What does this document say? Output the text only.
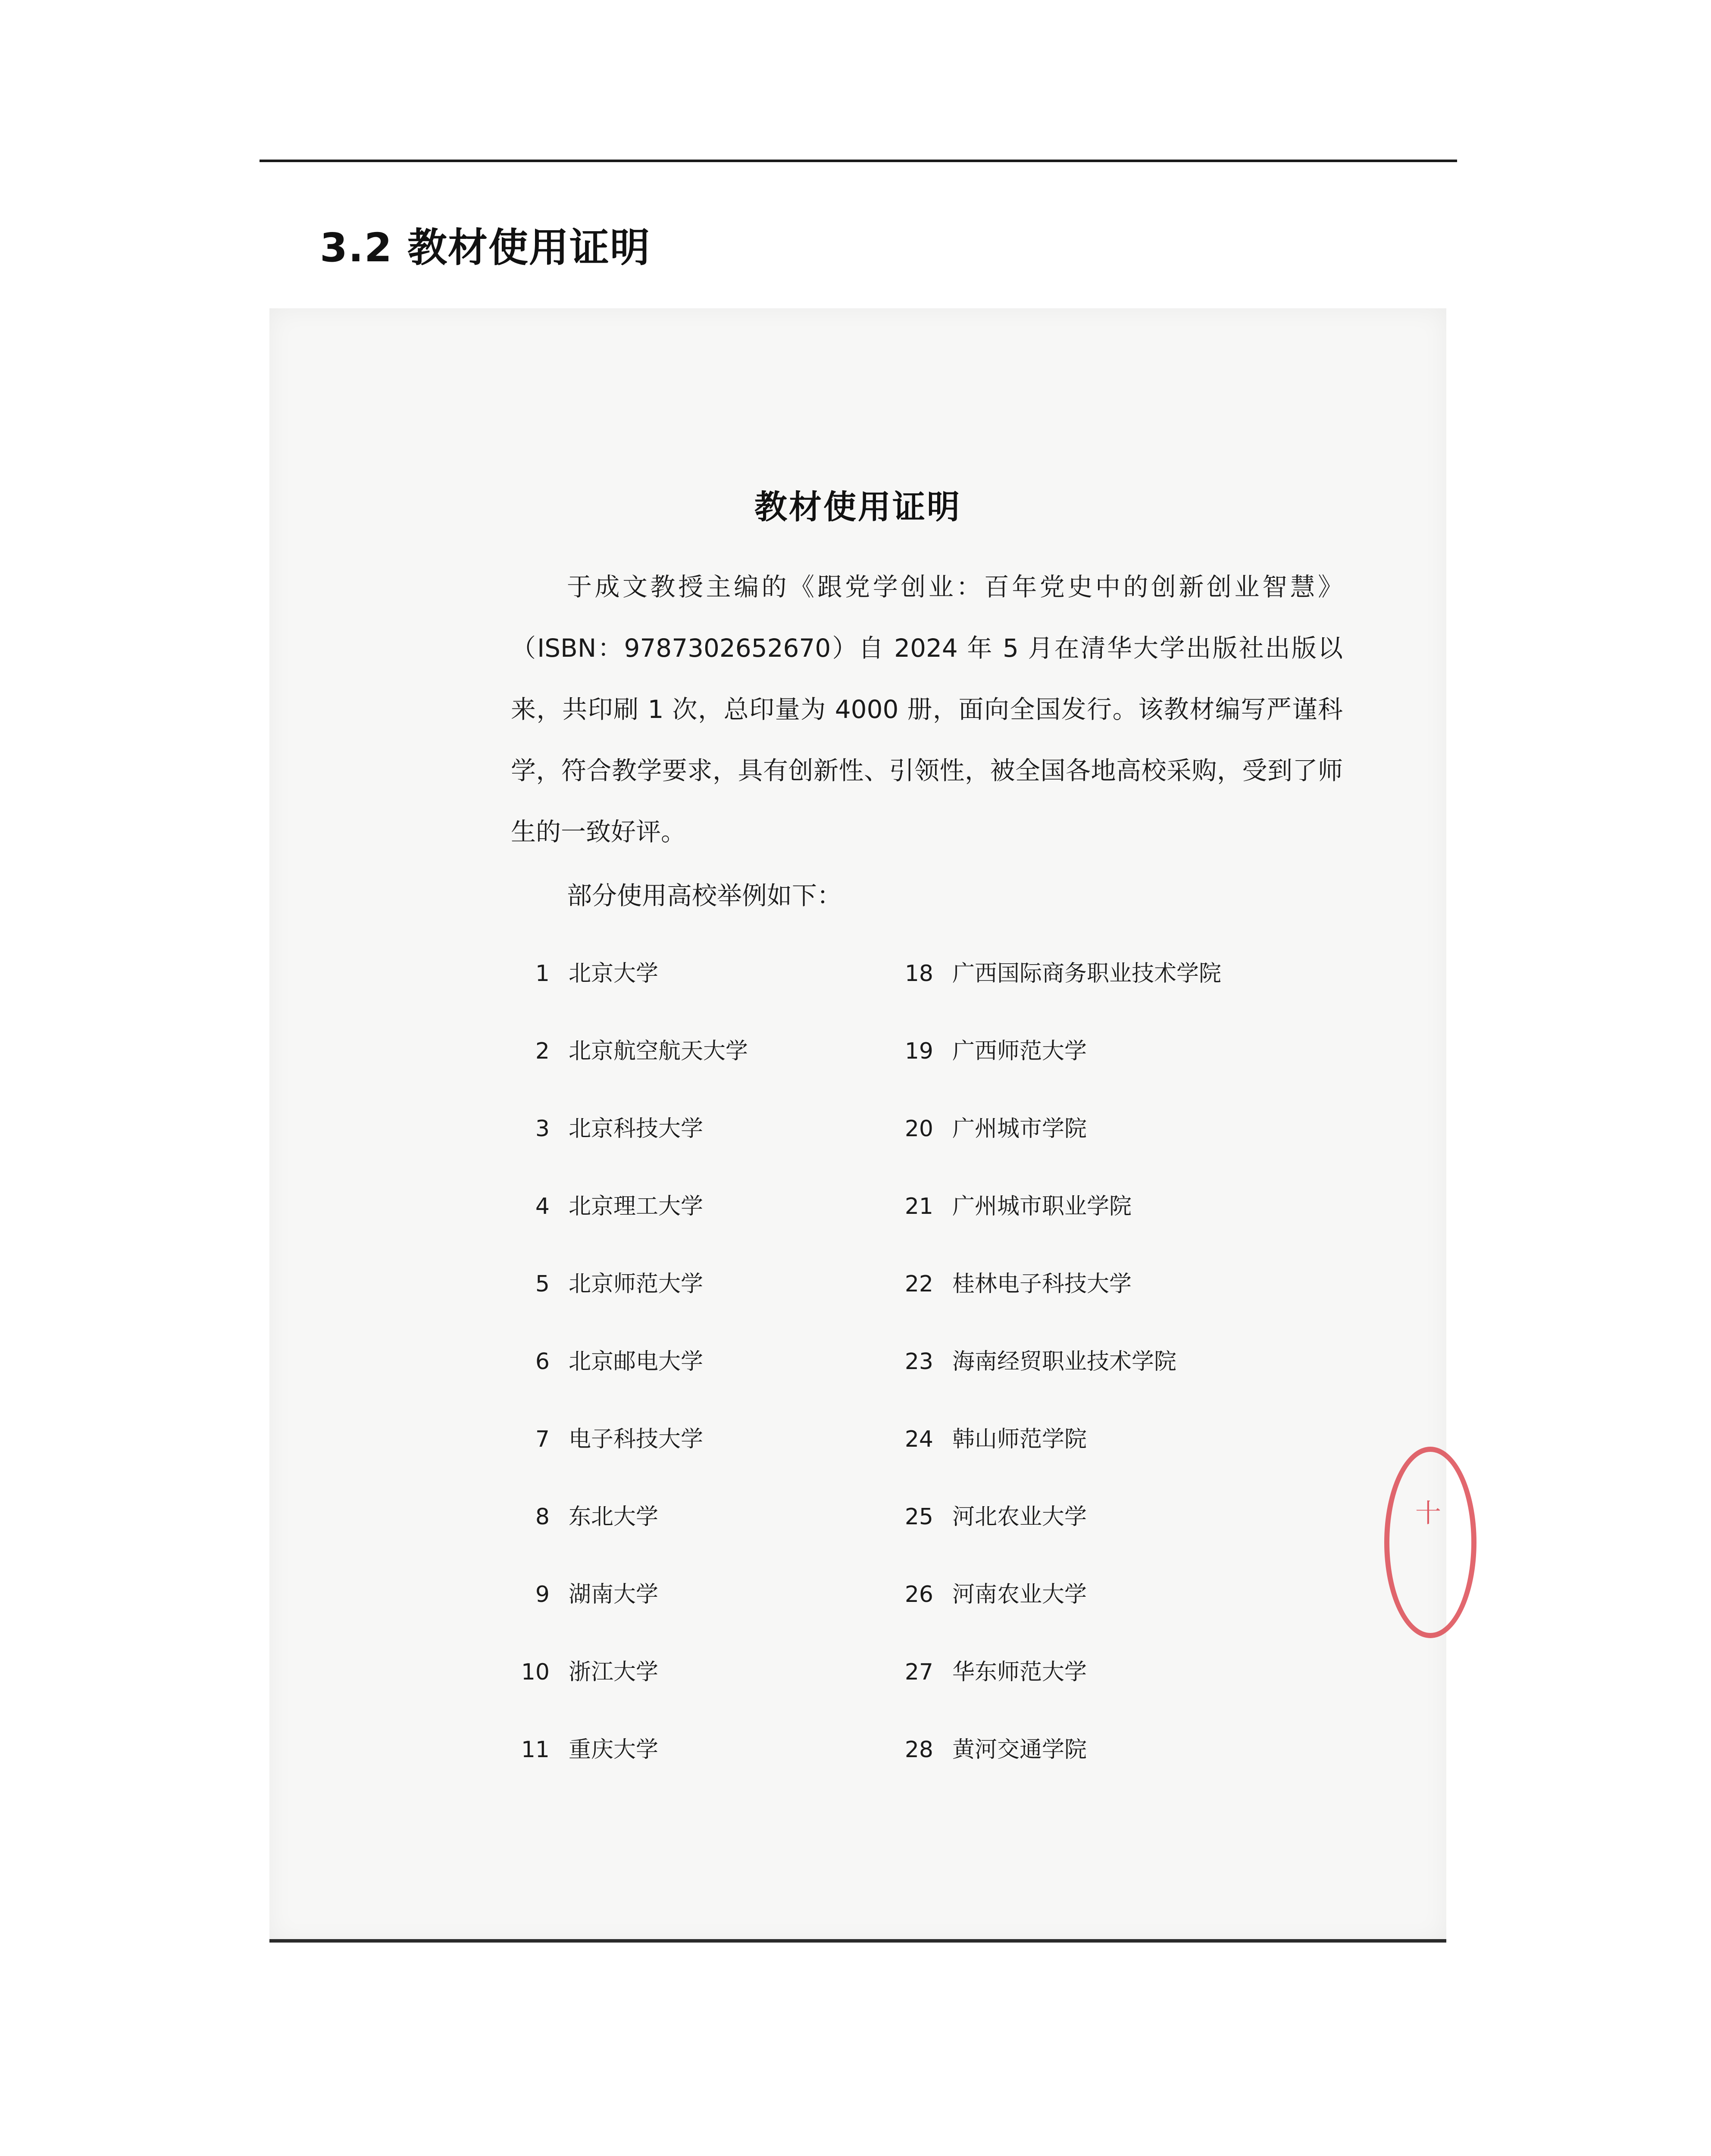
3.2 教材使用证明
教材使用证明
于成文教授主编的《跟党学创业：百年党史中的创新创业智慧》（ISBN：9787302652670）自 2024 年 5 月在清华大学出版社出版以来，共印刷 1 次，总印量为 4000 册，面向全国发行。该教材编写严谨科学，符合教学要求，具有创新性、引领性，被全国各地高校采购，受到了师生的一致好评。
部分使用高校举例如下：
1 北京大学
2 北京航空航天大学
3 北京科技大学
4 北京理工大学
5 北京师范大学
6 北京邮电大学
7 电子科技大学
8 东北大学
9 湖南大学
10 浙江大学
11 重庆大学
18 广西国际商务职业技术学院
19 广西师范大学
20 广州城市学院
21 广州城市职业学院
22 桂林电子科技大学
23 海南经贸职业技术学院
24 韩山师范学院
25 河北农业大学
26 河南农业大学
27 华东师范大学
28 黄河交通学院
十
